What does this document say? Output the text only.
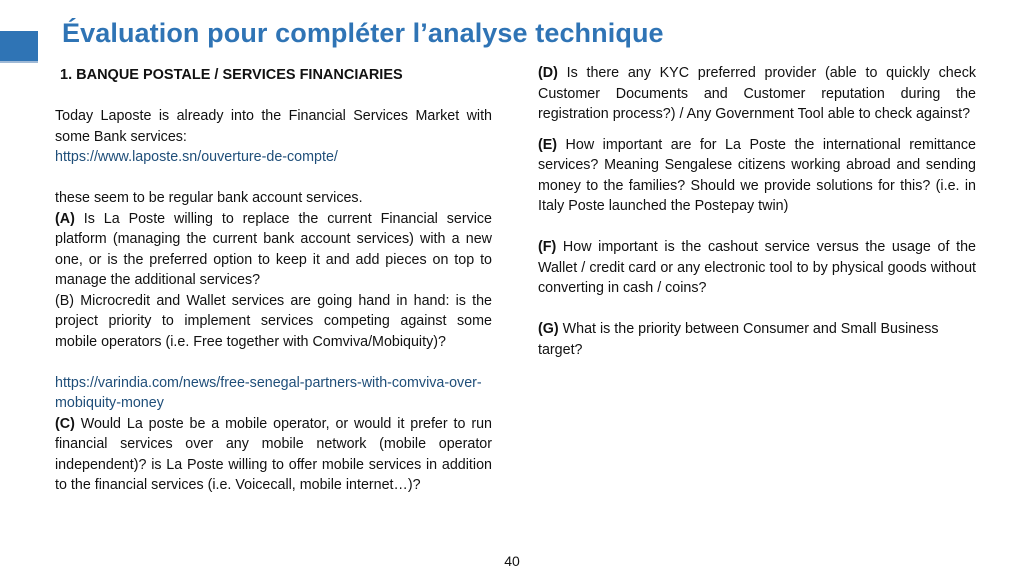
Évaluation pour compléter l’analyse technique
1. BANQUE POSTALE / SERVICES FINANCIARIES

Today Laposte is already into the Financial Services Market with some Bank services:
https://www.laposte.sn/ouverture-de-compte/

these seem to be regular bank account services.

(A) Is La Poste willing to replace the current Financial service platform (managing the current bank account services) with a new one, or is the preferred option to keep it and add pieces on top to manage the additional services?

(B) Microcredit and Wallet services are going hand in hand: is the project priority to implement services competing against some mobile operators (i.e. Free together with Comviva/Mobiquity)?

https://varindia.com/news/free-senegal-partners-with-comviva-over-mobiquity-money

(C) Would La poste be a mobile operator, or would it prefer to run financial services over any mobile network (mobile operator independent)? is La Poste willing to offer mobile services in addition to the financial services (i.e. Voicecall, mobile internet…)?

(D) Is there any KYC preferred provider (able to quickly check Customer Documents and Customer reputation during the registration process?) / Any Government Tool able to check against?

(E) How important are for La Poste the international remittance services? Meaning Sengalese citizens working abroad and sending money to the families? Should we provide solutions for this? (i.e. in Italy Poste launched the Postepay twin)

(F) How important is the cashout service versus the usage of the Wallet / credit card or any electronic tool to by physical goods without converting in cash / coins?

(G) What is the priority between Consumer and Small Business target?

40
